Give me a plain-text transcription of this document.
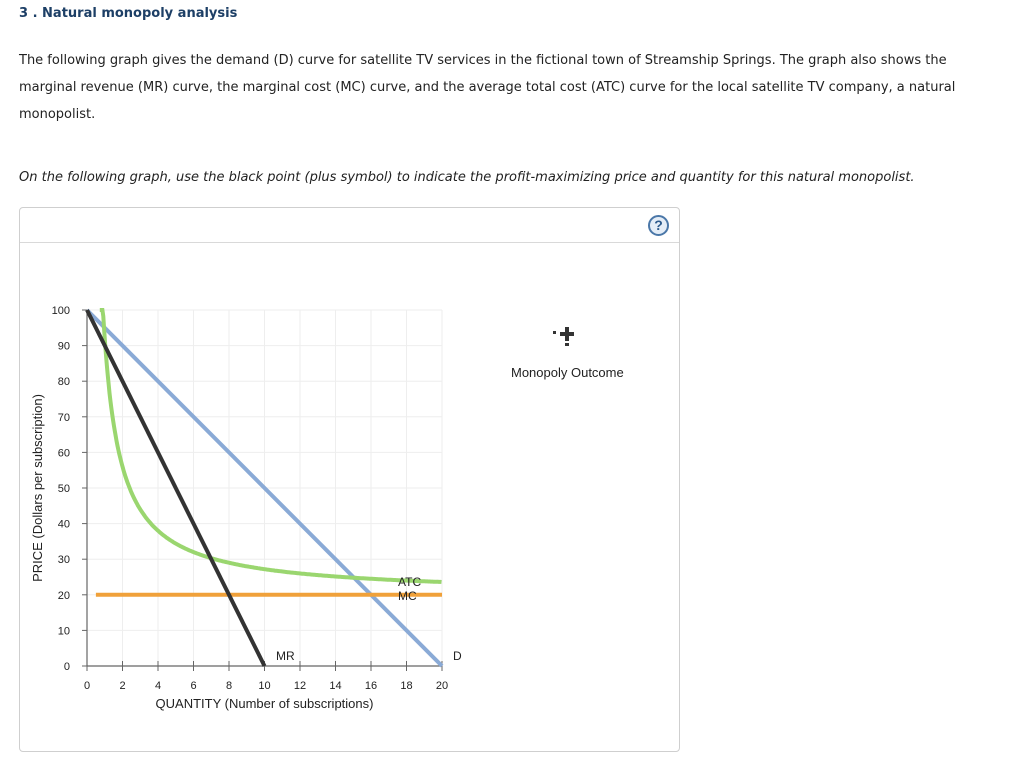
3 . Natural monopoly analysis
The following graph gives the demand (D) curve for satellite TV services in the fictional town of Streamship Springs. The graph also shows the marginal revenue (MR) curve, the marginal cost (MC) curve, and the average total cost (ATC) curve for the local satellite TV company, a natural monopolist.
On the following graph, use the black point (plus symbol) to indicate the profit-maximizing price and quantity for this natural monopolist.
?
0	2	4	6	8 10 12 14 16 18 20
0
10
20
30
40
50
60
70
80
90
100
QUANTITY (Number of subscriptions)
PRICE (Dollars per subscription)
ATC
MC
MR	D
Monopoly Outcome
